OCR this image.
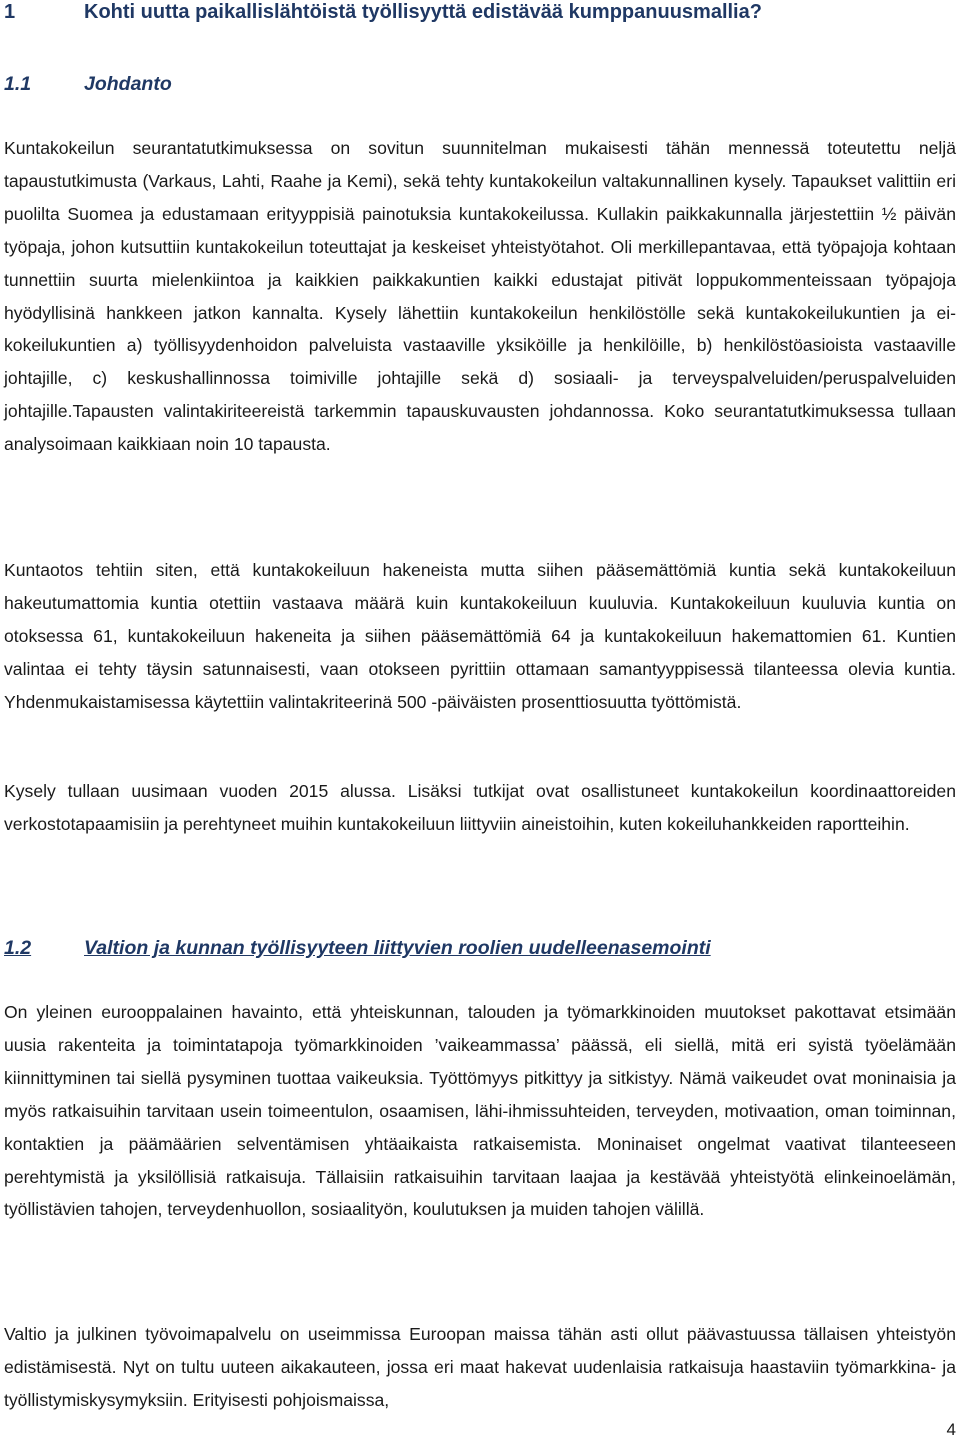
1	Kohti uutta paikallislähtöistä työllisyyttä edistävää kumppanuusmallia?
1.1	Johdanto

Kuntakokeilun seurantatutkimuksessa on sovitun suunnitelman mukaisesti tähän mennessä toteutettu neljä tapaustutkimusta (Varkaus, Lahti, Raahe ja Kemi), sekä tehty kuntakokeilun valtakunnallinen kysely. Tapaukset valittiin eri puolilta Suomea ja edustamaan erityyppisiä painotuksia kuntakokeilussa. Kullakin paikkakunnalla järjestettiin ½ päivän työpaja, johon kutsuttiin kuntakokeilun toteuttajat ja keskeiset yhteistyötahot. Oli merkillepantavaa, että työpajoja kohtaan tunnettiin suurta mielenkiintoa ja kaikkien paikkakuntien kaikki edustajat pitivät loppukommenteissaan työpajoja hyödyllisinä hankkeen jatkon kannalta. Kysely lähettiin kuntakokeilun henkilöstölle sekä kuntakokeilukuntien ja ei-kokeilukuntien a) työllisyydenhoidon palveluista vastaaville yksiköille ja henkilöille, b) henkilöstöasioista vastaaville johtajille, c) keskushallinnossa toimiville johtajille sekä d) sosiaali- ja terveyspalveluiden/peruspalveluiden johtajille.Tapausten valintakiriteereistä tarkemmin tapauskuvausten johdannossa. Koko seurantatutkimuksessa tullaan analysoimaan kaikkiaan noin 10 tapausta.

Kuntaotos tehtiin siten, että kuntakokeiluun hakeneista mutta siihen pääsemättömiä kuntia sekä kuntakokeiluun hakeutumattomia kuntia otettiin vastaava määrä kuin kuntakokeiluun kuuluvia. Kuntakokeiluun kuuluvia kuntia on otoksessa 61, kuntakokeiluun hakeneita ja siihen pääsemättömiä 64 ja kuntakokeiluun hakemattomien 61. Kuntien valintaa ei tehty täysin satunnaisesti, vaan otokseen pyrittiin ottamaan samantyyppisessä tilanteessa olevia kuntia. Yhdenmukaistamisessa käytettiin valintakriteerinä 500 -päiväisten prosenttiosuutta työttömistä.

Kysely tullaan uusimaan vuoden 2015 alussa. Lisäksi tutkijat ovat osallistuneet kuntakokeilun koordinaattoreiden verkostotapaamisiin ja perehtyneet muihin kuntakokeiluun liittyviin aineistoihin, kuten kokeiluhankkeiden raportteihin.

1.2	Valtion ja kunnan työllisyyteen liittyvien roolien uudelleenasemointi

On yleinen eurooppalainen havainto, että yhteiskunnan, talouden ja työmarkkinoiden muutokset pakottavat etsimään uusia rakenteita ja toimintatapoja työmarkkinoiden ’vaikeammassa’ päässä, eli siellä, mitä eri syistä työelämään kiinnittyminen tai siellä pysyminen tuottaa vaikeuksia. Työttömyys pitkittyy ja sitkistyy. Nämä vaikeudet ovat moninaisia ja myös ratkaisuihin tarvitaan usein toimeentulon, osaamisen, lähi-ihmissuhteiden, terveyden, motivaation, oman toiminnan, kontaktien ja päämäärien selventämisen yhtäaikaista ratkaisemista. Moninaiset ongelmat vaativat tilanteeseen perehtymistä ja yksilöllisiä ratkaisuja. Tällaisiin ratkaisuihin tarvitaan laajaa ja kestävää yhteistyötä elinkeinoelämän, työllistävien tahojen, terveydenhuollon, sosiaalityön, koulutuksen ja muiden tahojen välillä.

Valtio ja julkinen työvoimapalvelu on useimmissa Euroopan maissa tähän asti ollut päävastuussa tällaisen yhteistyön edistämisestä. Nyt on tultu uuteen aikakauteen, jossa eri maat hakevat uudenlaisia ratkaisuja haastaviin työmarkkina- ja työllistymiskysymyksiin. Erityisesti pohjoismaissa,

4
